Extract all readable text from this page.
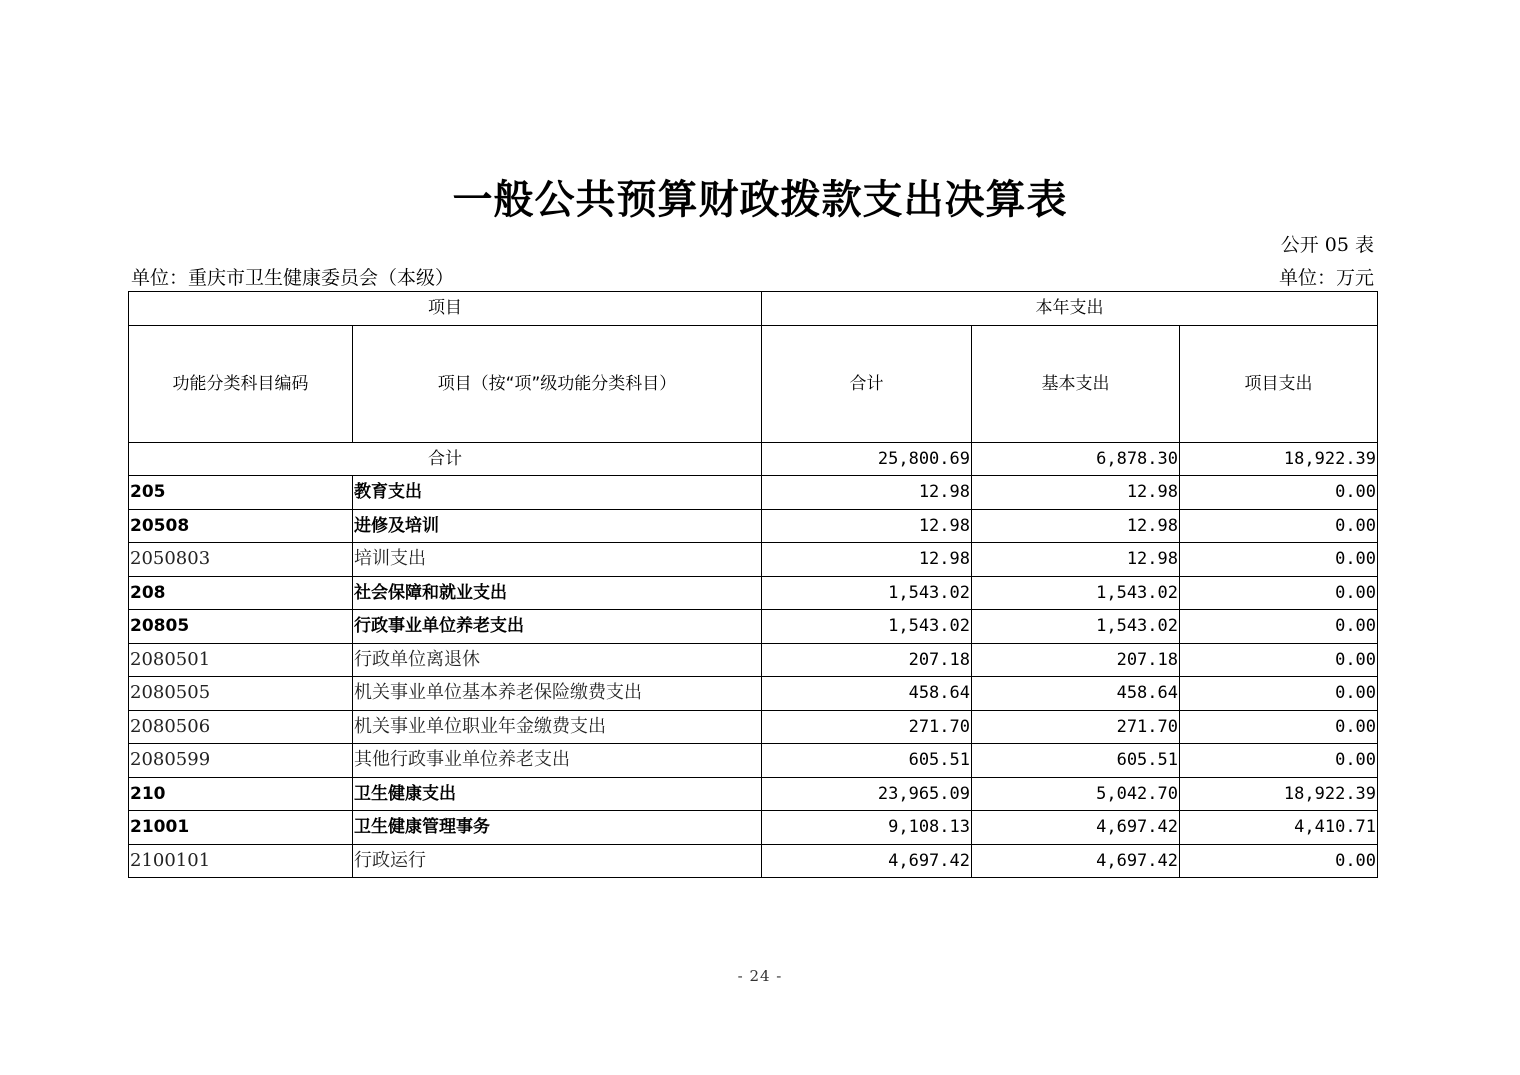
一般公共预算财政拨款支出决算表
公开 05 表
单位：重庆市卫生健康委员会（本级）	单位：万元
项目		本年支出		
功能分类科目编码	项目（按“项”级功能分类科目）	合计	基本支出	项目支出
合计		25,800.69	6,878.30	18,922.39
205	教育支出	12.98	12.98	0.00
20508	进修及培训	12.98	12.98	0.00
2050803	培训支出	12.98	12.98	0.00
208	社会保障和就业支出	1,543.02	1,543.02	0.00
20805	行政事业单位养老支出	1,543.02	1,543.02	0.00
2080501	行政单位离退休	207.18	207.18	0.00
2080505	机关事业单位基本养老保险缴费支出	458.64	458.64	0.00
2080506	机关事业单位职业年金缴费支出	271.70	271.70	0.00
2080599	其他行政事业单位养老支出	605.51	605.51	0.00
210	卫生健康支出	23,965.09	5,042.70	18,922.39
21001	卫生健康管理事务	9,108.13	4,697.42	4,410.71
2100101	行政运行	4,697.42	4,697.42	0.00
- 24 -
